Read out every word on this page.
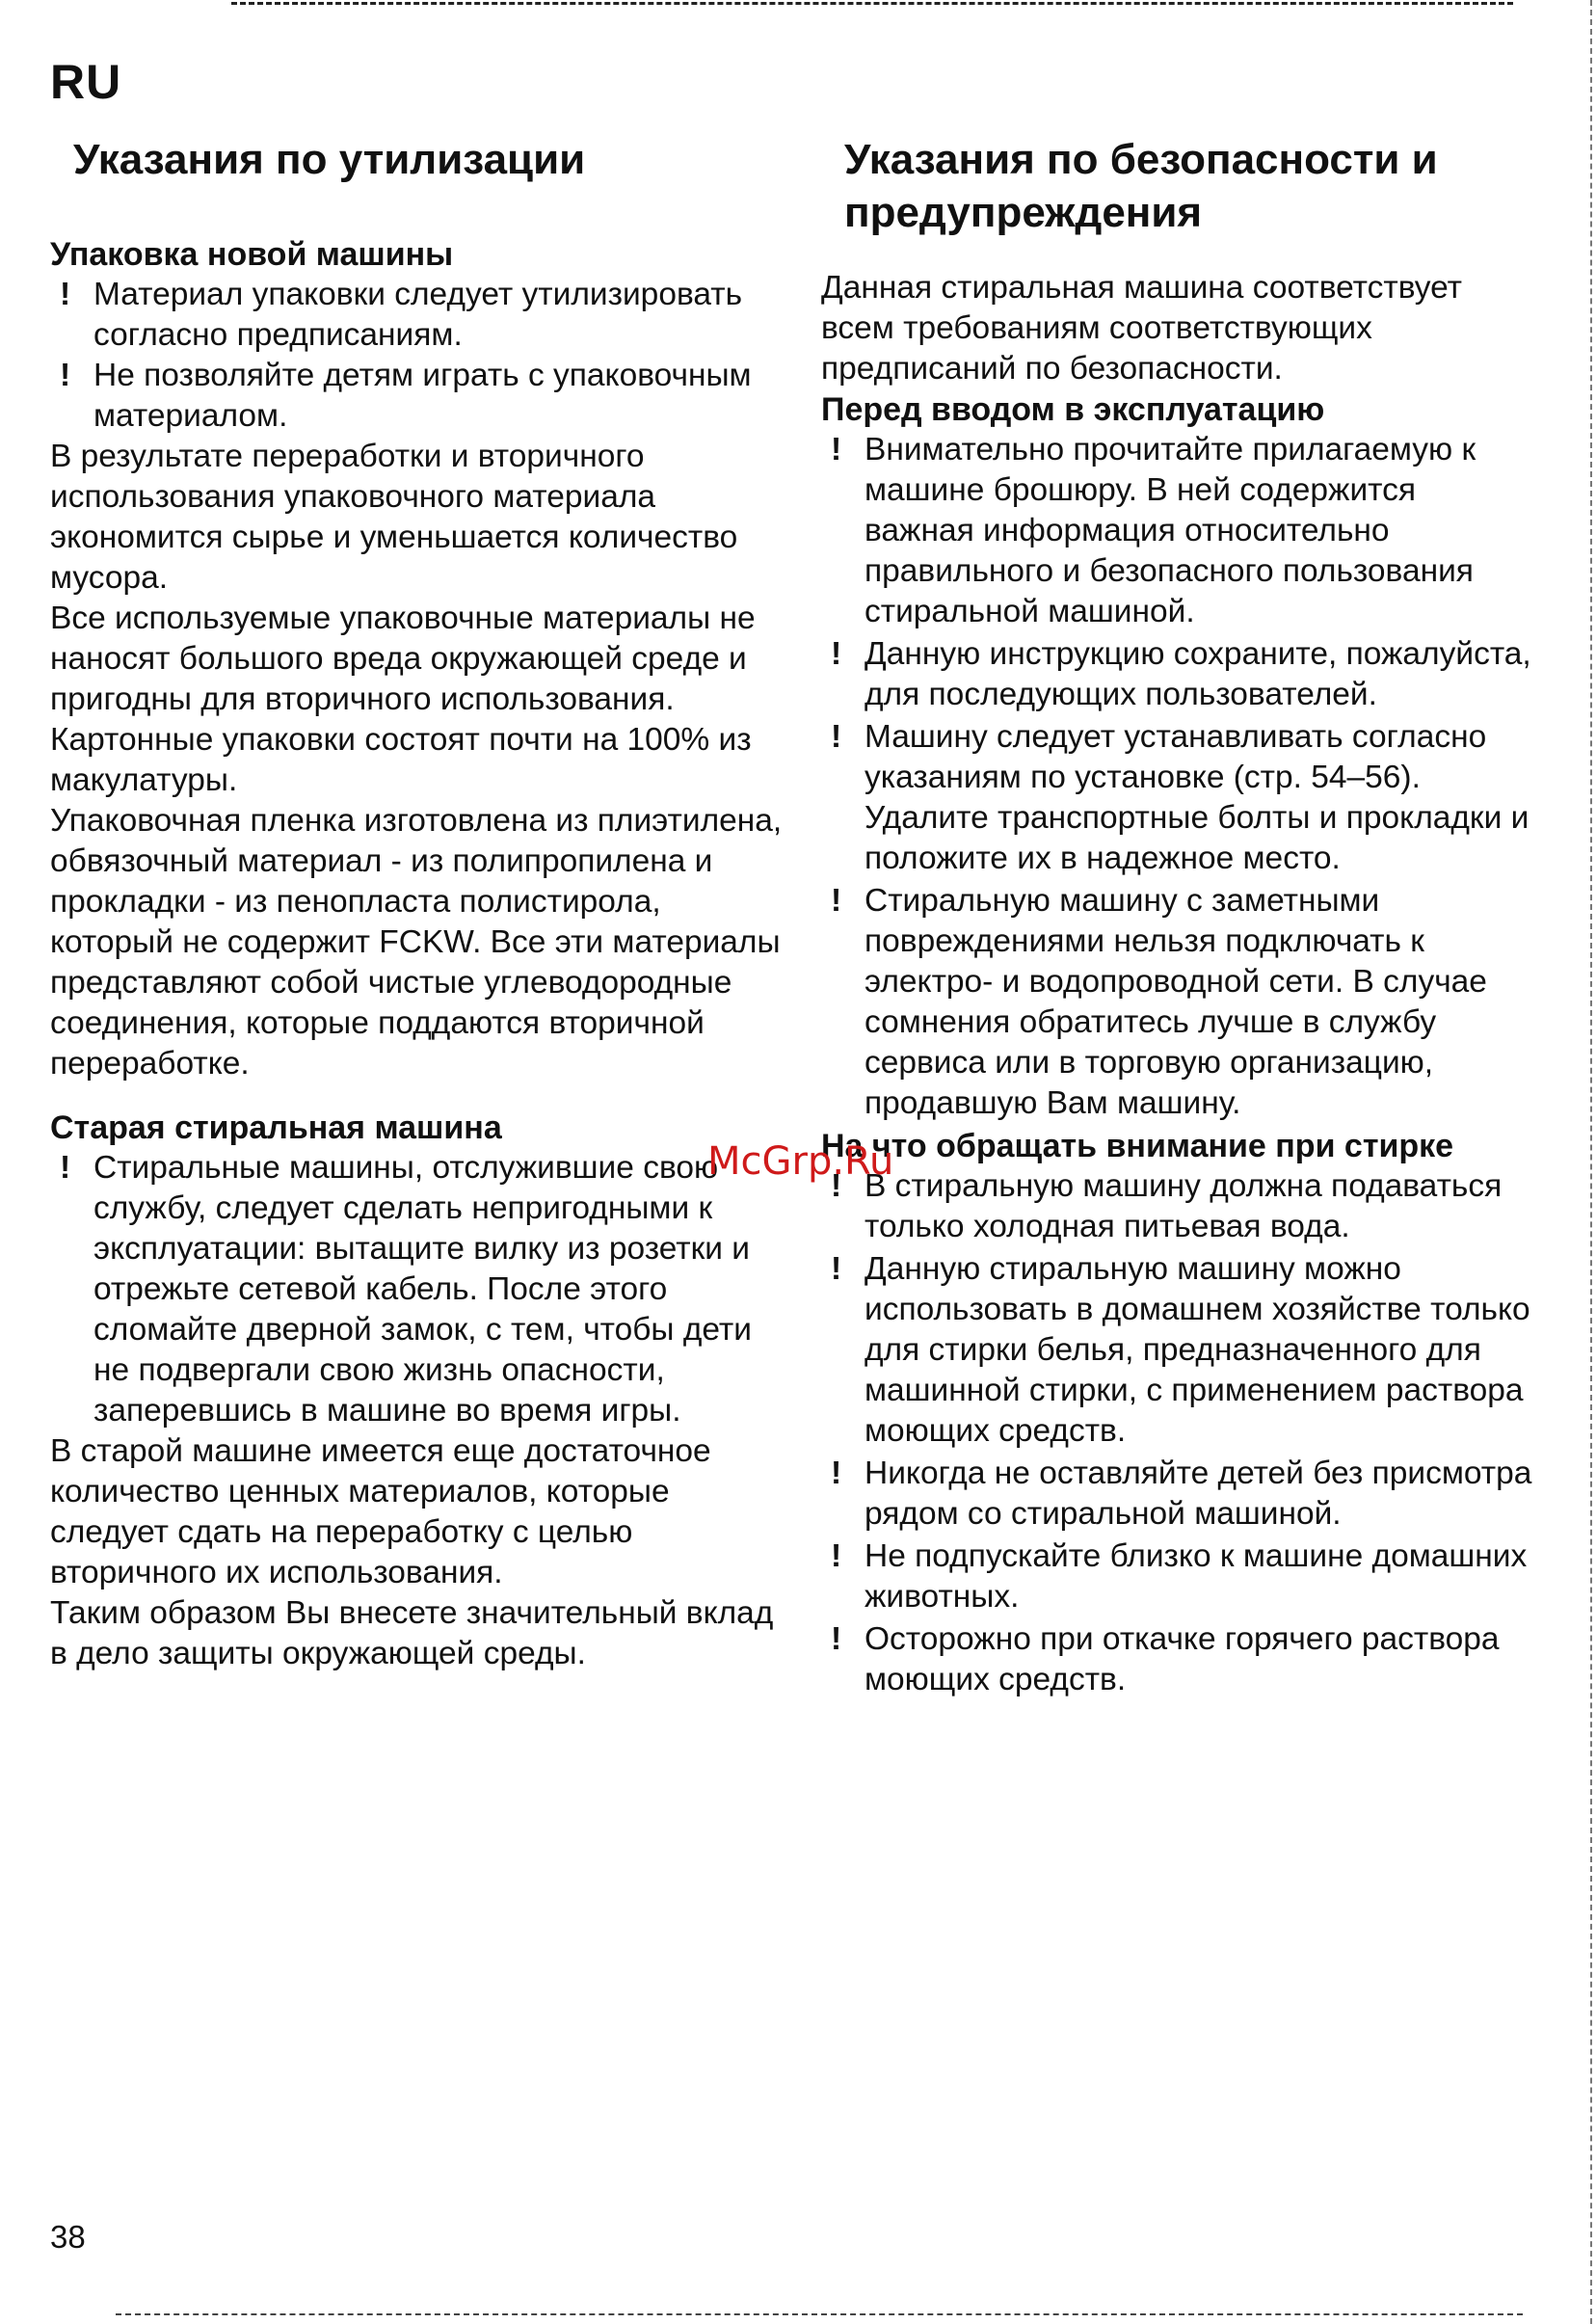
RU
Указания по утилизации
Упаковка новой машины
! Материал упаковки следует утилизировать согласно предписаниям.
! Не позволяйте детям играть с упаковочным материалом.

В результате переработки и вторичного использования упаковочного материала экономится сырье и уменьшается количество мусора.

Все используемые упаковочные материалы не наносят большого вреда окружающей среде и пригодны для вторичного использования. Картонные упаковки состоят почти на 100% из макулатуры.

Упаковочная пленка изготовлена из плиэтилена, обвязочный материал - из полипропилена и прокладки - из пенопласта полистирола, который не содержит FCKW. Все эти материалы представляют собой чистые углеводородные соединения, которые поддаются вторичной переработке.

Старая стиральная машина
! Стиральные машины, отслужившие свою службу, следует сделать непригодными к эксплуатации: вытащите вилку из розетки и отрежьте сетевой кабель. После этого сломайте дверной замок, с тем, чтобы дети не подвергали свою жизнь опасности, заперевшись в машине во время игры.

В старой машине имеется еще достаточное количество ценных материалов, которые следует сдать на переработку с целью вторичного их использования.

Таким образом Вы внесете значительный вклад в дело защиты окружающей среды.

Указания по безопасности и предупреждения

Данная стиральная машина соответствует всем требованиям соответствующих предписаний по безопасности.

Перед вводом в эксплуатацию
! Внимательно прочитайте прилагаемую к машине брошюру. В ней содержится важная информация относительно правильного и безопасного пользования стиральной машиной.
! Данную инструкцию сохраните, пожалуйста, для последующих пользователей.
! Машину следует устанавливать согласно указаниям по установке (стр. 54–56). Удалите транспортные болты и прокладки и положите их в надежное место.
! Стиральную машину с заметными повреждениями нельзя подключать к электро- и водопроводной сети. В случае сомнения обратитесь лучше в службу сервиса или в торговую организацию, продавшую Вам машину.
На что обращать внимание при стирке
! В стиральную машину должна подаваться только холодная питьевая вода.
! Данную стиральную машину можно использовать в домашнем хозяйстве только для стирки белья, предназначенного для машинной стирки, с применением раствора моющих средств.
! Никогда не оставляйте детей без присмотра рядом со стиральной машиной.
! Не подпускайте близко к машине домашних животных.
! Осторожно при откачке горячего раствора моющих средств.
McGrp.Ru
38
